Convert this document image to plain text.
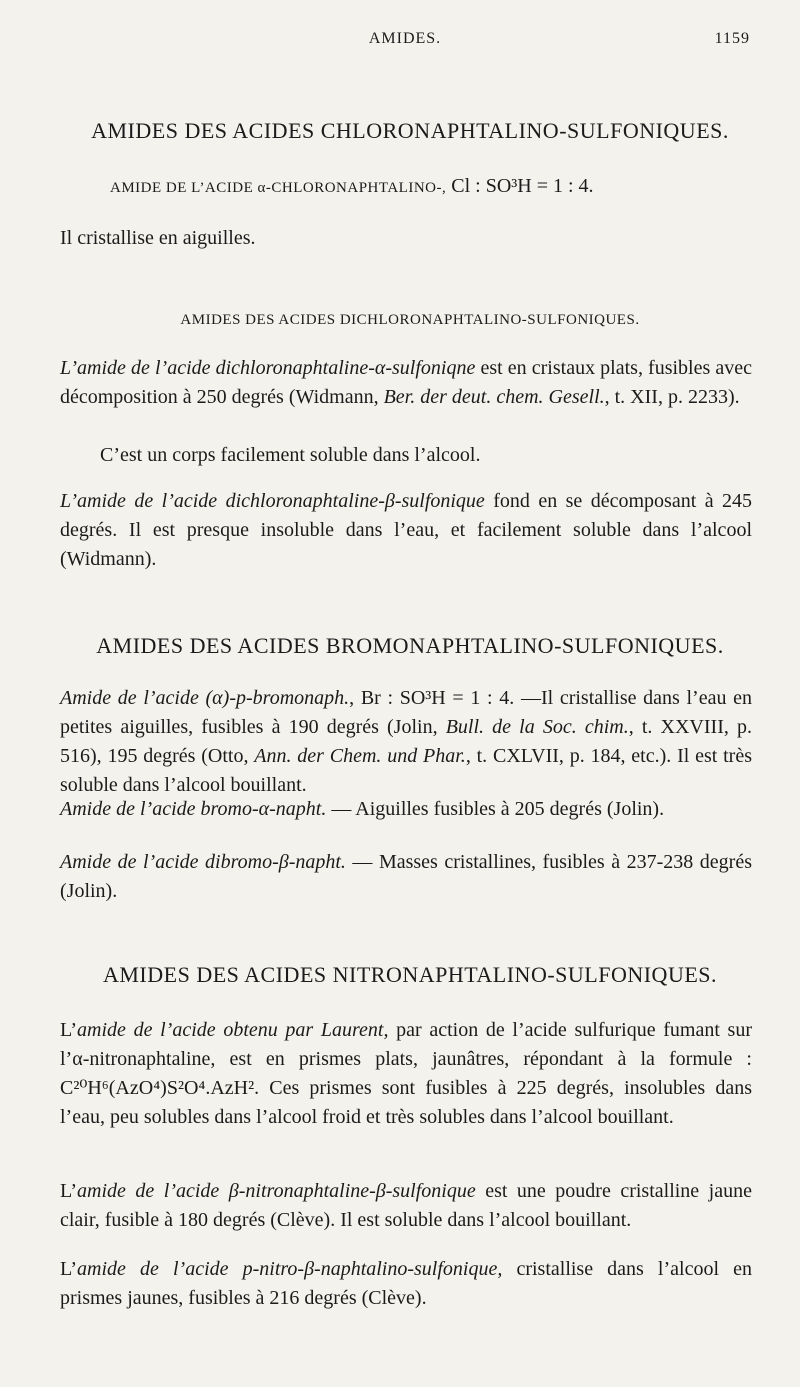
AMIDES.	1159
AMIDES DES ACIDES CHLORONAPHTALINO-SULFONIQUES.
AMIDE DE L’ACIDE α-CHLORONAPHTALINO-, Cl : SO³H = 1 : 4.
Il cristallise en aiguilles.
AMIDES DES ACIDES DICHLORONAPHTALINO-SULFONIQUES.
L’amide de l’acide dichloronaphtaline-α-sulfoniqne est en cristaux plats, fusibles avec décomposition à 250 degrés (Widmann, Ber. der deut. chem. Gesell., t. XII, p. 2233).
C’est un corps facilement soluble dans l’alcool.
L’amide de l’acide dichloronaphtaline-β-sulfonique fond en se décomposant à 245 degrés. Il est presque insoluble dans l’eau, et facilement soluble dans l’alcool (Widmann).
AMIDES DES ACIDES BROMONAPHTALINO-SULFONIQUES.
Amide de l’acide (α)-p-bromonaph., Br : SO³H = 1 : 4. —Il cristallise dans l’eau en petites aiguilles, fusibles à 190 degrés (Jolin, Bull. de la Soc. chim., t. XXVIII, p. 516), 195 degrés (Otto, Ann. der Chem. und Phar., t. CXLVII, p. 184, etc.). Il est très soluble dans l’alcool bouillant.
Amide de l’acide bromo-α-napht. — Aiguilles fusibles à 205 degrés (Jolin).
Amide de l’acide dibromo-β-napht. — Masses cristallines, fusibles à 237-238 degrés (Jolin).
AMIDES DES ACIDES NITRONAPHTALINO-SULFONIQUES.
L’amide de l’acide obtenu par Laurent, par action de l’acide sulfurique fumant sur l’α-nitronaphtaline, est en prismes plats, jaunâtres, répondant à la formule : C²⁰H⁶(AzO⁴)S²O⁴.AzH². Ces prismes sont fusibles à 225 degrés, insolubles dans l’eau, peu solubles dans l’alcool froid et très solubles dans l’alcool bouillant.
L’amide de l’acide β-nitronaphtaline-β-sulfonique est une poudre cristalline jaune clair, fusible à 180 degrés (Clève). Il est soluble dans l’alcool bouillant.
L’amide de l’acide p-nitro-β-naphtalino-sulfonique, cristallise dans l’alcool en prismes jaunes, fusibles à 216 degrés (Clève).
